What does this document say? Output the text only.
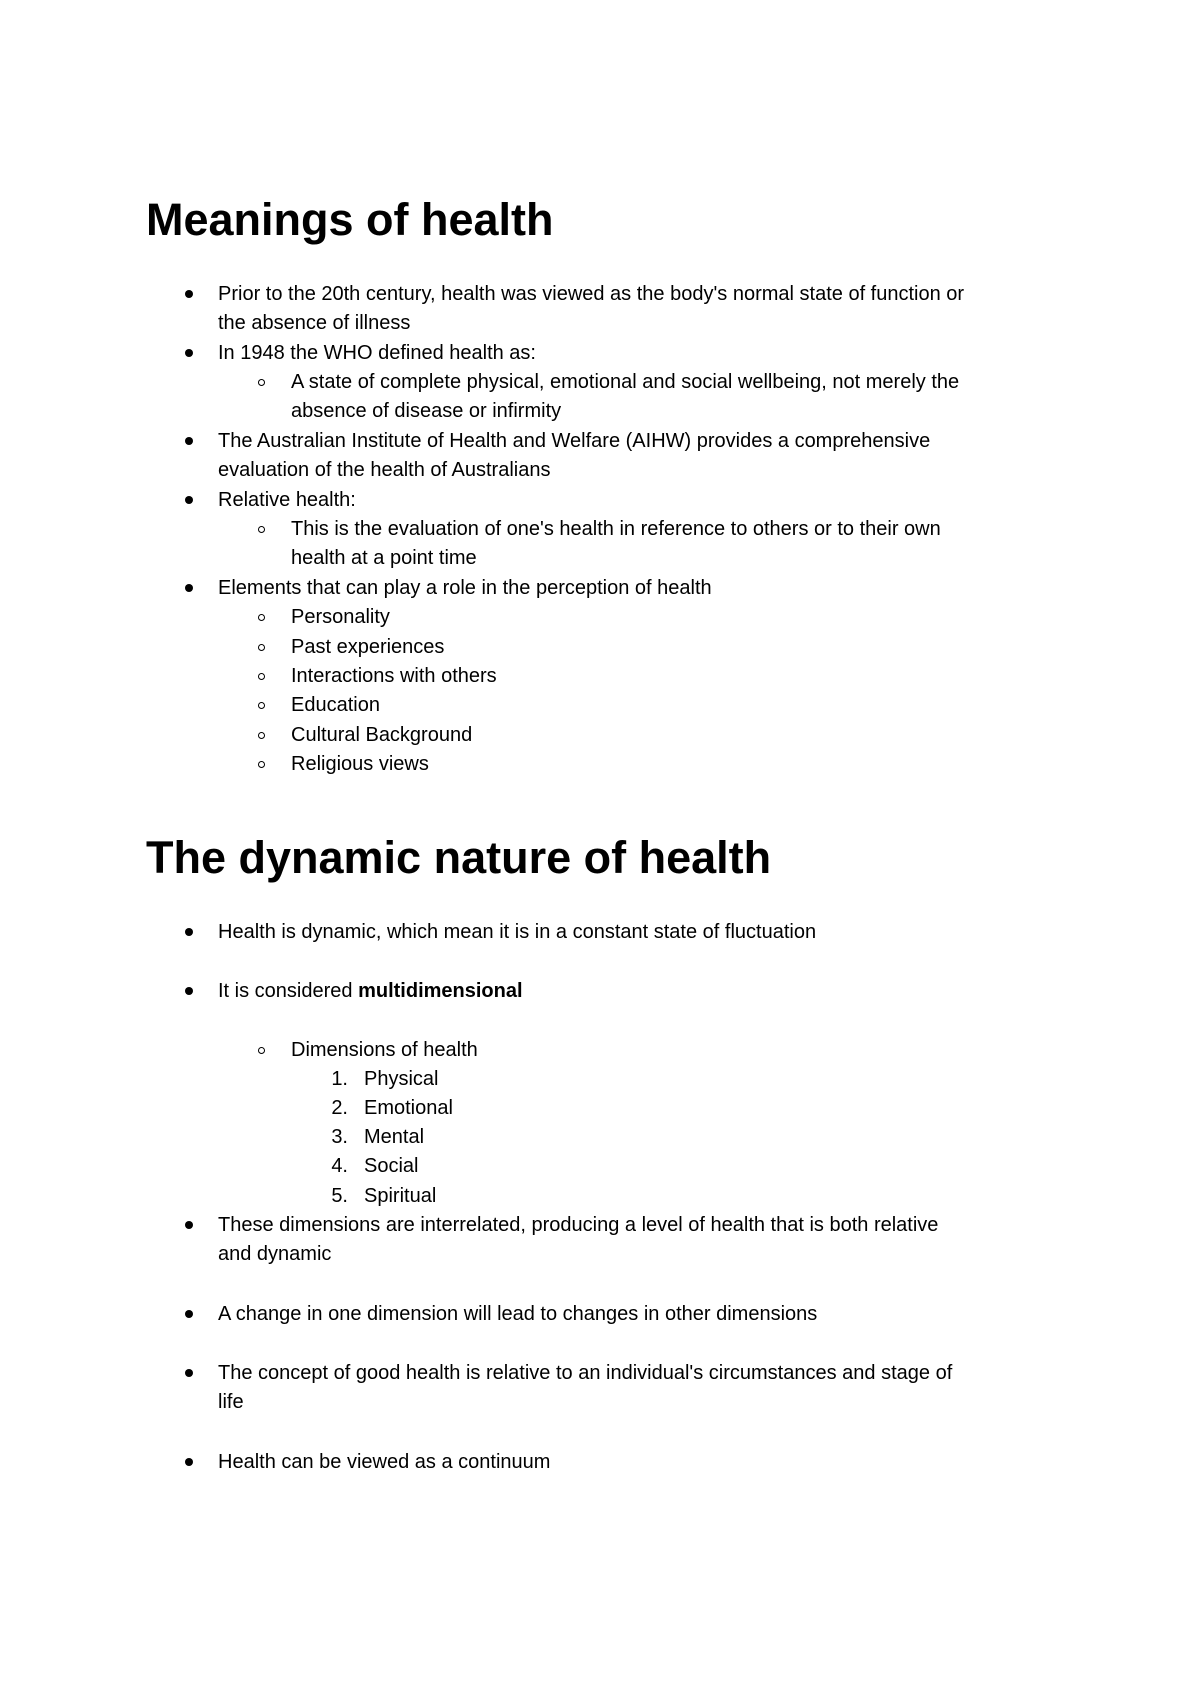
Meanings of health
Prior to the 20th century, health was viewed as the body's normal state of function or
the absence of illness
In 1948 the WHO defined health as:
A state of complete physical, emotional and social wellbeing, not merely the
absence of disease or infirmity
The Australian Institute of Health and Welfare (AIHW) provides a comprehensive
evaluation of the health of Australians
Relative health:
This is the evaluation of one's health in reference to others or to their own
health at a point time
Elements that can play a role in the perception of health
Personality
Past experiences
Interactions with others
Education
Cultural Background
Religious views
The dynamic nature of health
Health is dynamic, which mean it is in a constant state of fluctuation
It is considered multidimensional
Dimensions of health
1. Physical
2. Emotional
3. Mental
4. Social
5. Spiritual
These dimensions are interrelated, producing a level of health that is both relative
and dynamic
A change in one dimension will lead to changes in other dimensions
The concept of good health is relative to an individual's circumstances and stage of
life
Health can be viewed as a continuum
